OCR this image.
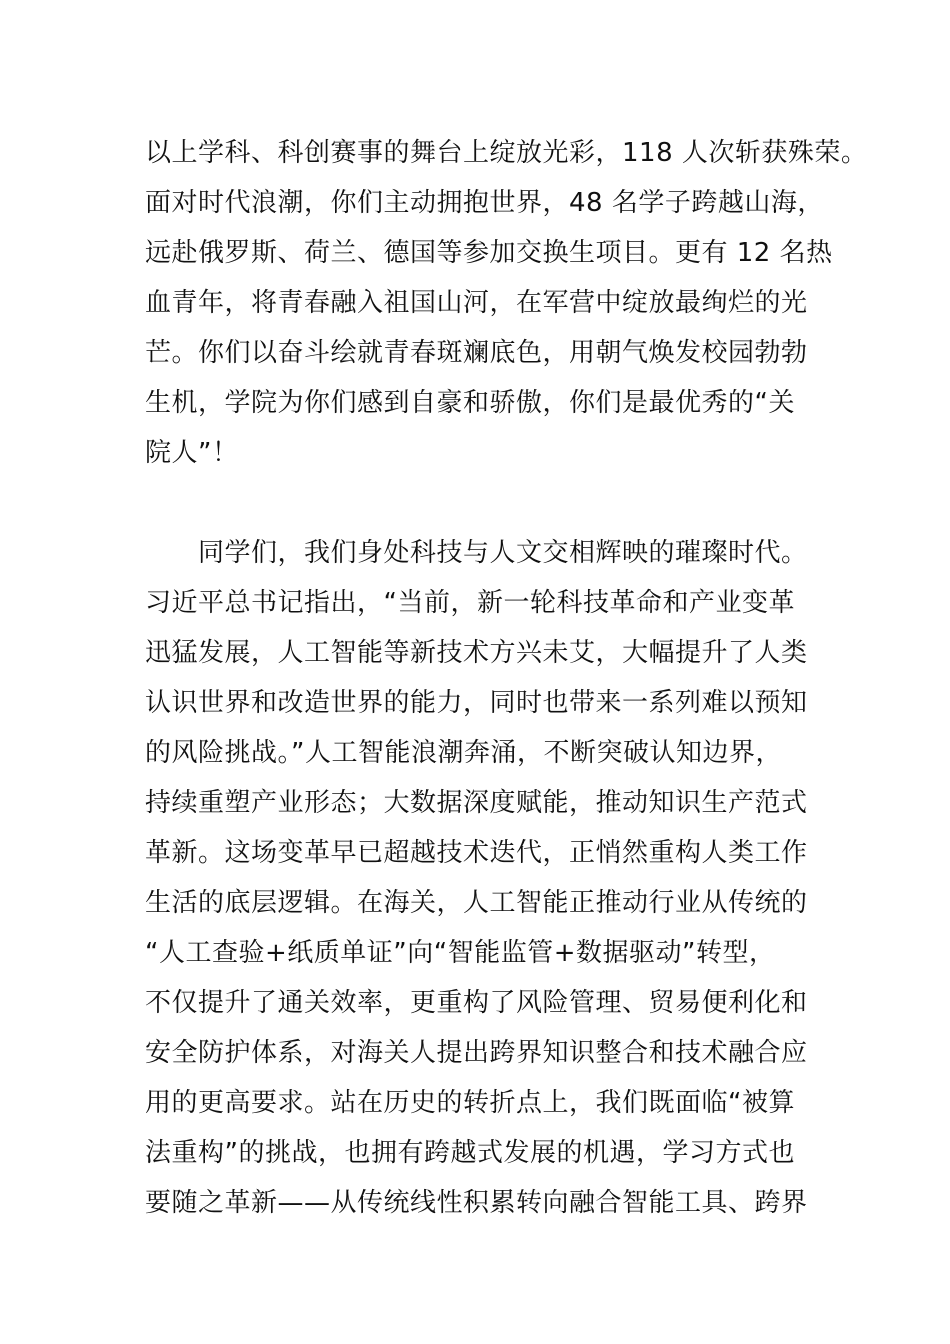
以上学科、科创赛事的舞台上绽放光彩，118 人次斩获殊荣。
面对时代浪潮，你们主动拥抱世界，48 名学子跨越山海，
远赴俄罗斯、荷兰、德国等参加交换生项目。更有 12 名热
血青年，将青春融入祖国山河，在军营中绽放最绚烂的光
芒。你们以奋斗绘就青春斑斓底色，用朝气焕发校园勃勃
生机，学院为你们感到自豪和骄傲，你们是最优秀的“关
院人”！
　　同学们，我们身处科技与人文交相辉映的璀璨时代。
习近平总书记指出，“当前，新一轮科技革命和产业变革
迅猛发展，人工智能等新技术方兴未艾，大幅提升了人类
认识世界和改造世界的能力，同时也带来一系列难以预知
的风险挑战。”人工智能浪潮奔涌，不断突破认知边界，
持续重塑产业形态；大数据深度赋能，推动知识生产范式
革新。这场变革早已超越技术迭代，正悄然重构人类工作
生活的底层逻辑。在海关，人工智能正推动行业从传统的
“人工查验+纸质单证”向“智能监管+数据驱动”转型，
不仅提升了通关效率，更重构了风险管理、贸易便利化和
安全防护体系，对海关人提出跨界知识整合和技术融合应
用的更高要求。站在历史的转折点上，我们既面临“被算
法重构”的挑战，也拥有跨越式发展的机遇，学习方式也
要随之革新——从传统线性积累转向融合智能工具、跨界
